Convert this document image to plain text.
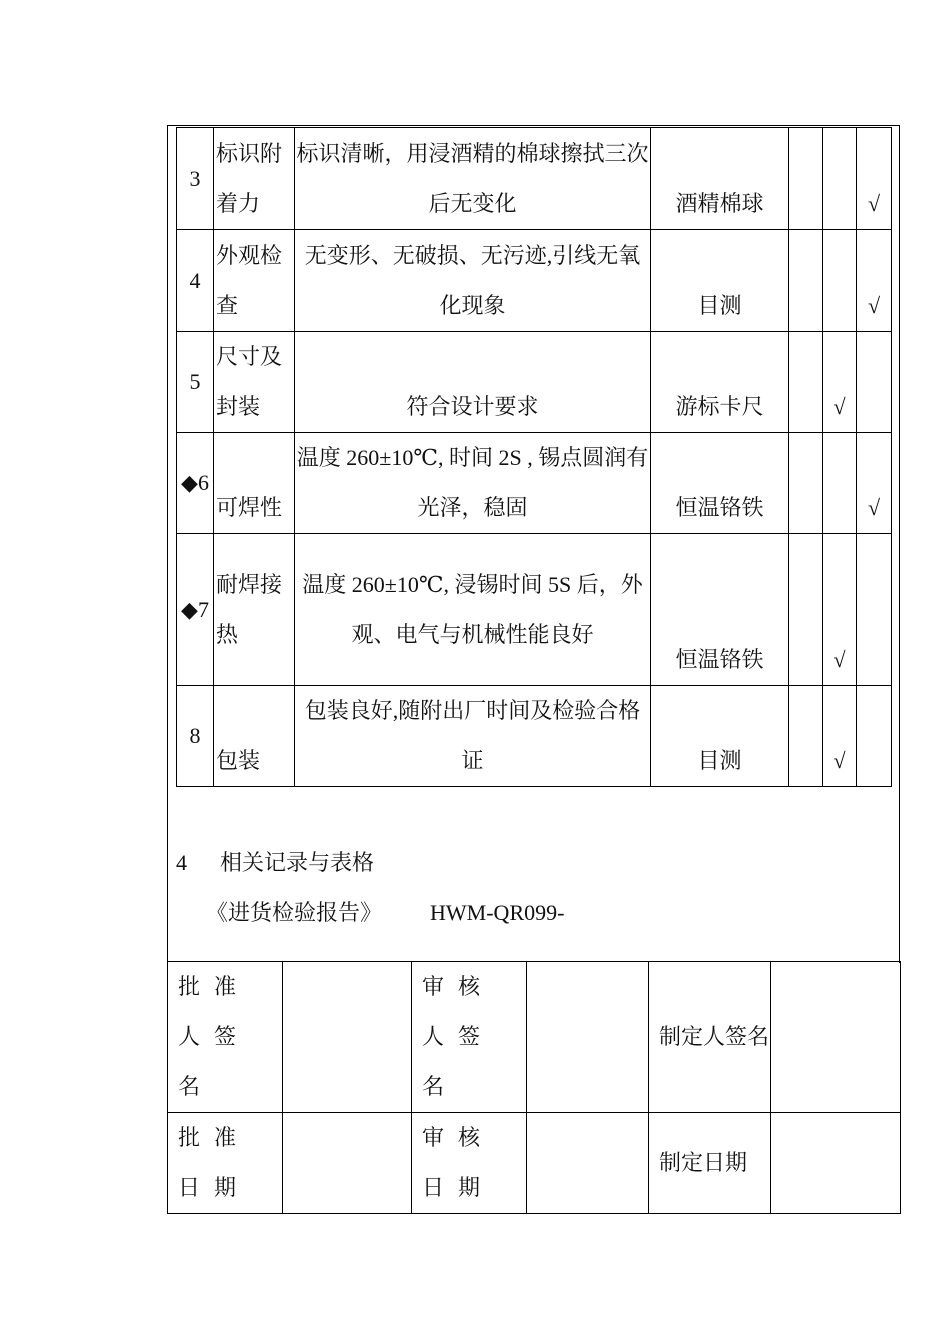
3	标识附着力	标识清晰，用浸酒精的棉球擦拭三次后无变化	酒精棉球			√
4	外观检查	无变形、无破损、无污迹,引线无氧化现象	目测			√
5	尺寸及封装	符合设计要求	游标卡尺		√	
◆6	可焊性	温度 260±10℃, 时间 2S , 锡点圆润有光泽，稳固	恒温铬铁			√
◆7	耐焊接热	温度 260±10℃, 浸锡时间 5S 后，外观、电气与机械性能良好	恒温铬铁		√	
8	包装	包装良好,随附出厂时间及检验合格证	目测		√	
4 相关记录与表格
《进货检验报告》 HWM-QR099-
批准人签名		审核人签名		制定人签名	
批准日期		审核日期		制定日期	
